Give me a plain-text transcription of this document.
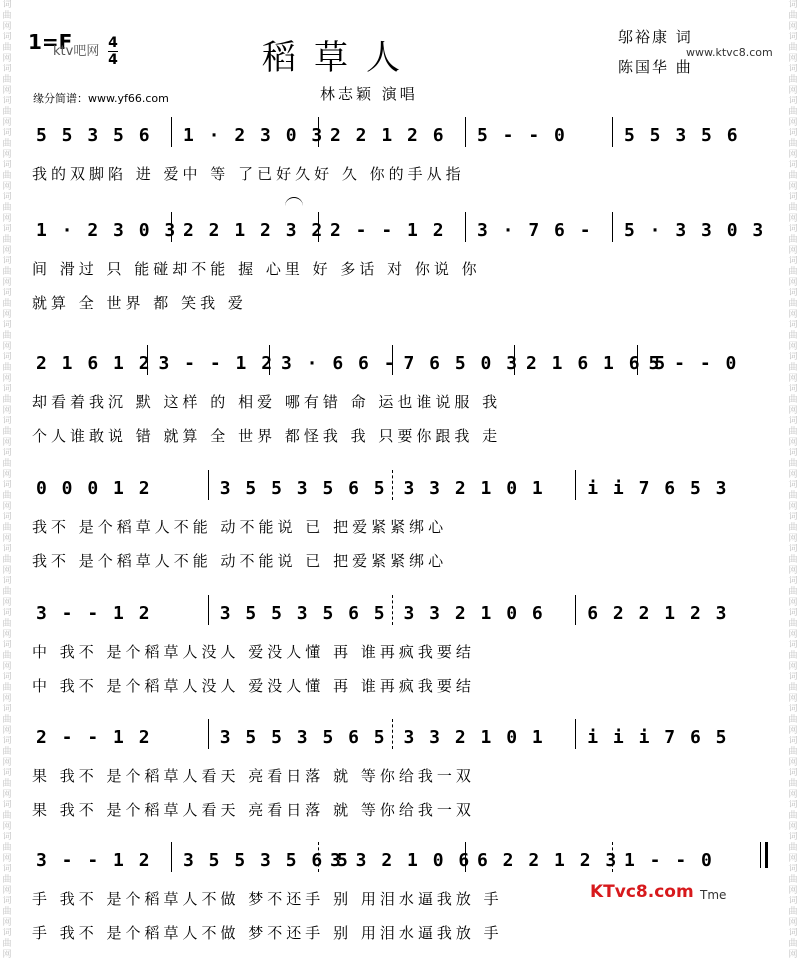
词曲网
词曲网
词曲网
词曲网
词曲网
词曲网
词曲网
词曲网
词曲网
词曲网
词曲网
词曲网
词曲网
词曲网
词曲网
词曲网
词曲网
词曲网
词曲网
词曲网
词曲网
词曲网
词曲网
词曲网
词曲网
词曲网
词曲网
词曲网
词曲网
词曲网
词曲网
词曲网
词曲网
词曲网
词曲网
词曲网
词曲网
词曲网
词曲网
词曲网
词曲网
词曲网
词曲网
词曲网
词曲网
词曲网
词曲网
词曲网
词曲网
词曲网
词曲网
词曲网
词曲网
词曲网
词曲网
词曲网
词曲网
词曲网
词曲网
词曲网
1=F
ktv吧网
4
4	稻草人
缘分简谱：www.yf66.com	林志颖 演唱
邬裕康 词
www.ktvc8.com
陈国华 曲
5 5 3 5 6 1 · 2 3 0 3 2 2 1 2 6 5 - - 0	5 5 3 5 6
我的双脚陷 进 爱中 等 了已好久好 久 你的手从指
1 · 2 3 0 3 2 2 1 2 3 2 2 - - 1 2 3 · 7 6 - 5 · 3 3 0 3
间 滑过 只 能碰却不能 握 心里 好 多话 对 你说 你
就算 全 世界 都 笑我 爱
2 1 6 1 2 3 - - 1 2 3 · 6 6 - 7 6 5 0 3 2 1 6 1 6 5
5 - - 0
却看着我沉 默 这样 的 相爱 哪有错 命 运也谁说服 我
个人谁敢说 错 就算 全 世界 都怪我 我 只要你跟我 走
0 0 0 1 2	3 5 5 3 5 6 5 3 3 2 1 0 1 i i 7 6 5 3
我不 是个稻草人不能 动不能说 已 把爱紧紧绑心
我不 是个稻草人不能 动不能说 已 把爱紧紧绑心
3 - - 1 2	3 5 5 3 5 6 5 3 3 2 1 0 6 6 2 2 1 2 3
中 我不 是个稻草人没人 爱没人懂 再 谁再疯我要结
中 我不 是个稻草人没人 爱没人懂 再 谁再疯我要结
2 - - 1 2	3 5 5 3 5 6 5 3 3 2 1 0 1 i i i 7 6 5
果 我不 是个稻草人看天 亮看日落 就 等你给我一双
果 我不 是个稻草人看天 亮看日落 就 等你给我一双
3 - - 1 2 3 5 5 3 5 6 5
3 3 2 1 0 6 6 2 2 1 2 3 1 - - 0
手 我不 是个稻草人不做 梦不还手 别 用泪水逼我放 手
手 我不 是个稻草人不做 梦不还手 别 用泪水逼我放 手
KTvc8.com Tme
